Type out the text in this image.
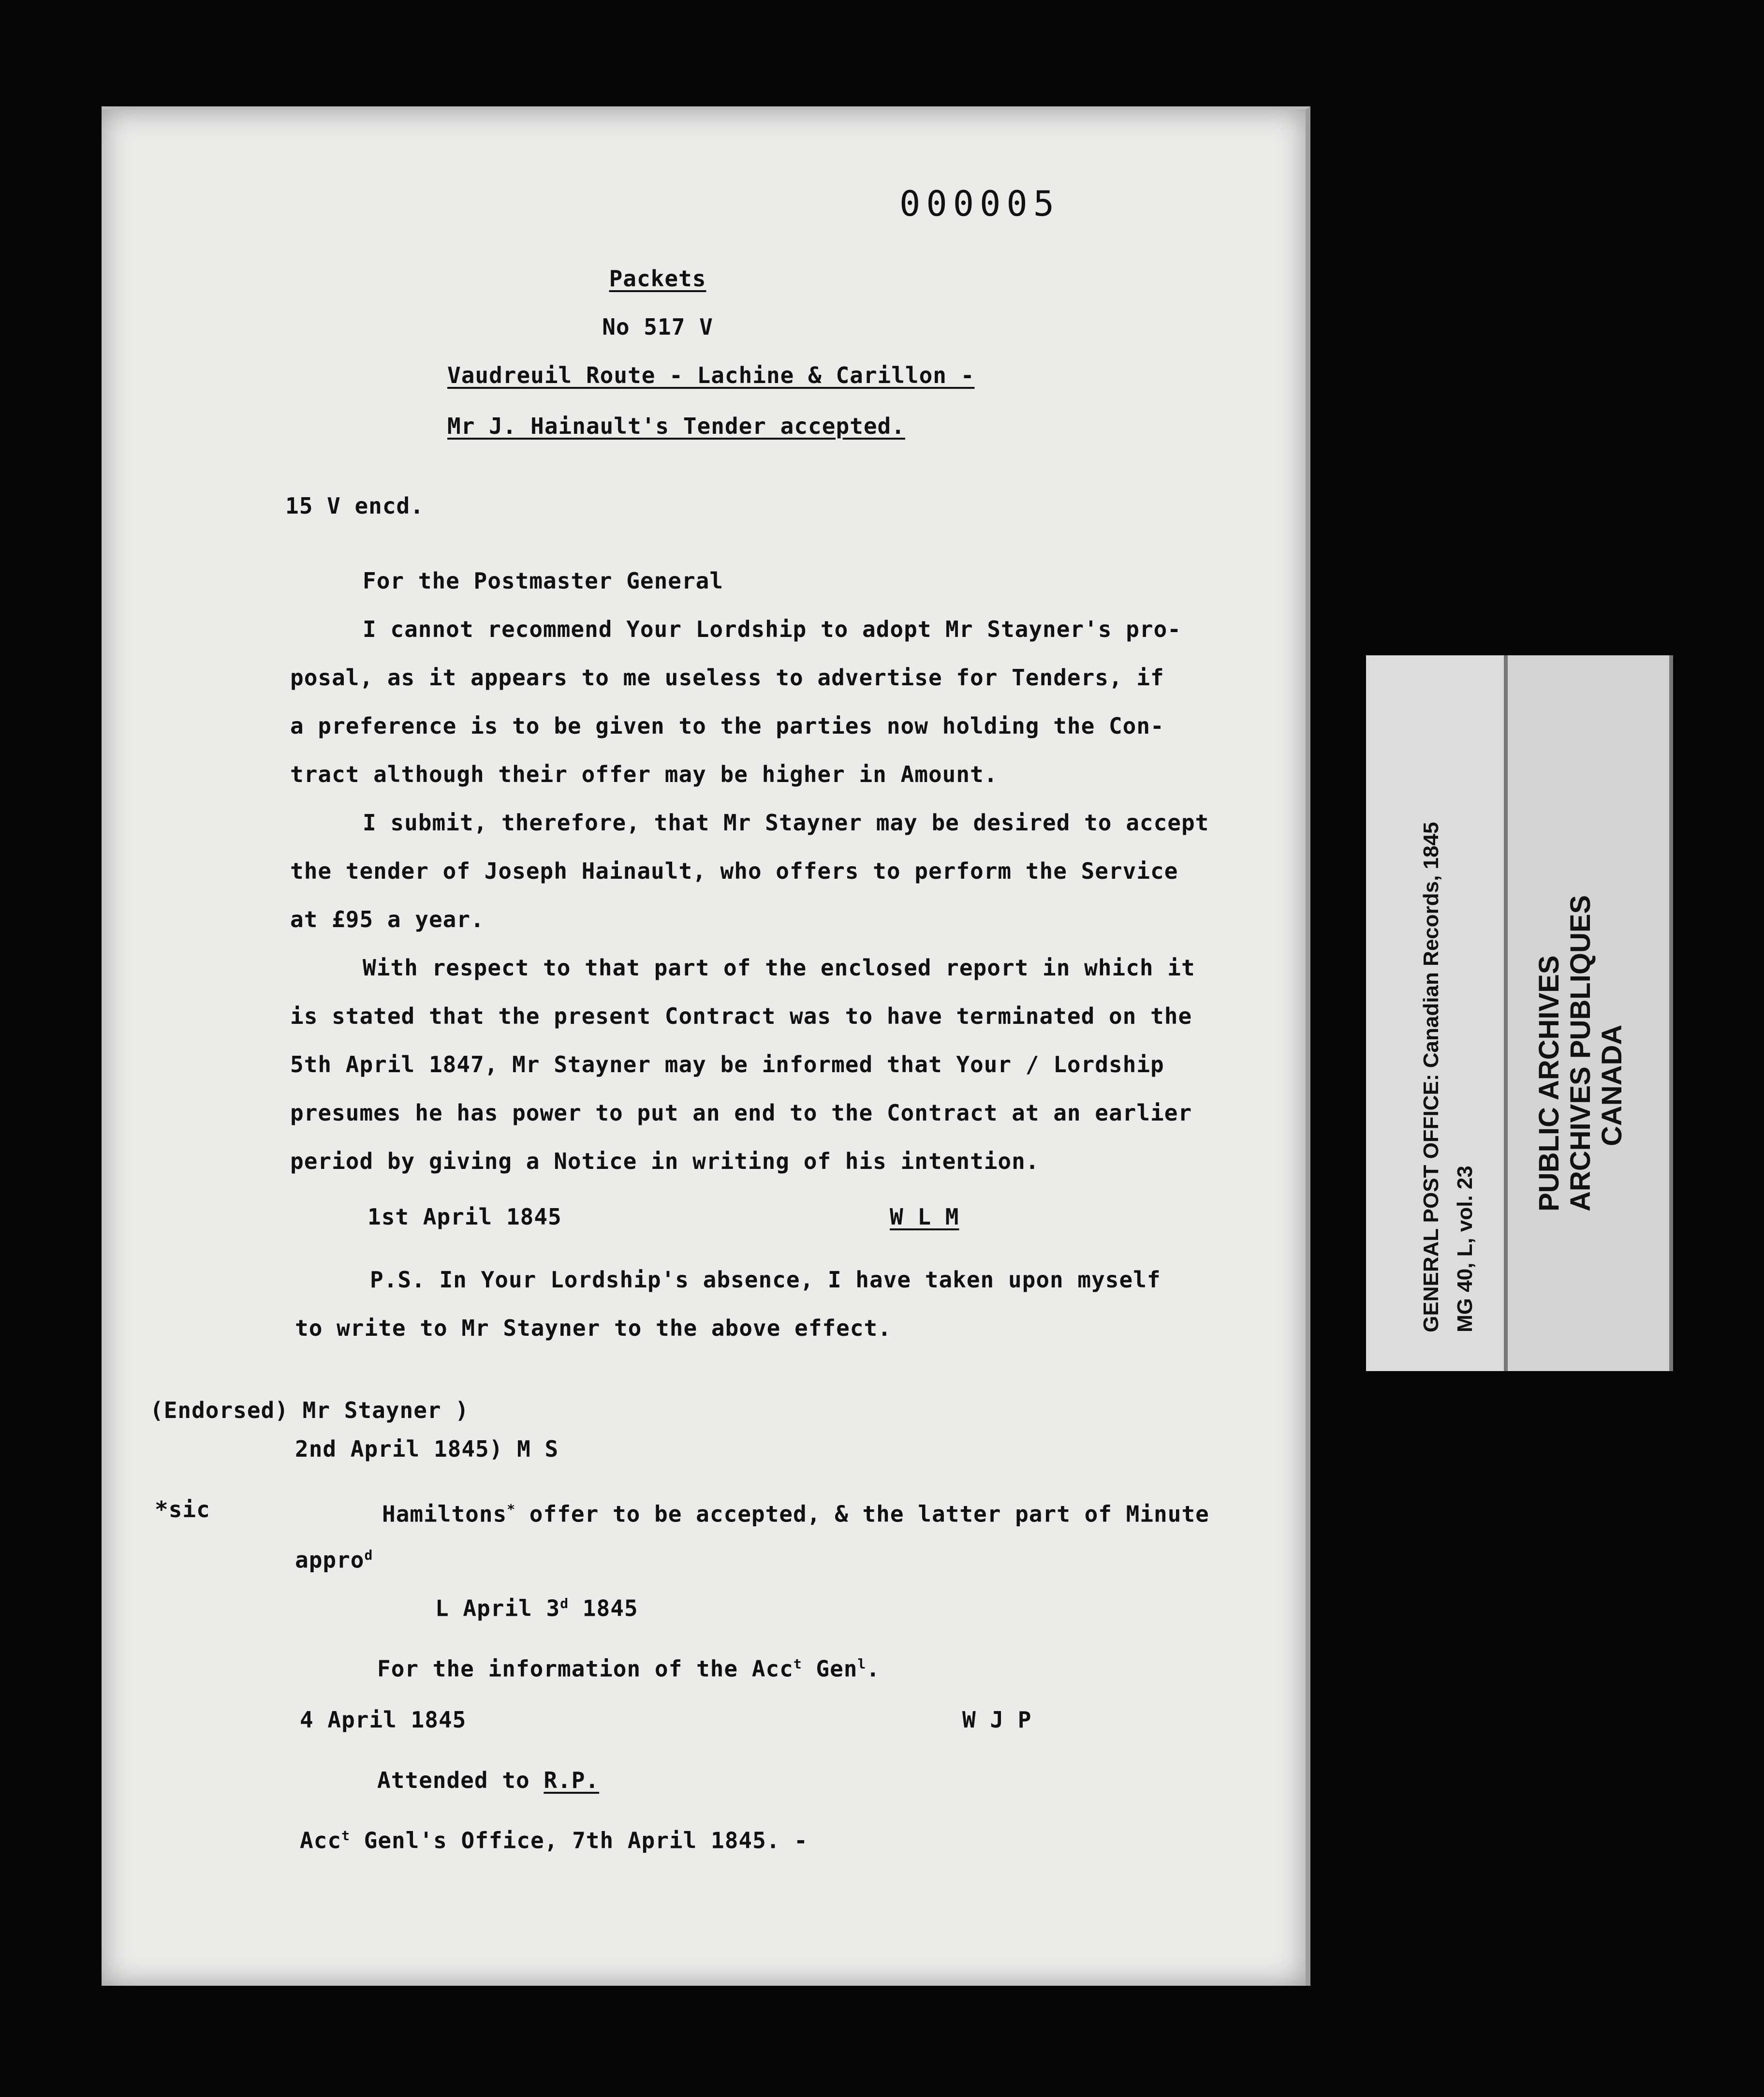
000005
Packets
No 517 V
Vaudreuil Route - Lachine & Carillon -
Mr J. Hainault's Tender accepted.
15 V encd.
For the Postmaster General
I cannot recommend Your Lordship to adopt Mr Stayner's pro-
posal, as it appears to me useless to advertise for Tenders, if
a preference is to be given to the parties now holding the Con-
tract although their offer may be higher in Amount.
I submit, therefore, that Mr Stayner may be desired to accept
the tender of Joseph Hainault, who offers to perform the Service
at £95 a year.
With respect to that part of the enclosed report in which it
is stated that the present Contract was to have terminated on the
5th April 1847, Mr Stayner may be informed that Your / Lordship
presumes he has power to put an end to the Contract at an earlier
period by giving a Notice in writing of his intention.
1st April 1845	W L M
P.S. In Your Lordship's absence, I have taken upon myself
to write to Mr Stayner to the above effect.
(Endorsed) Mr Stayner )
2nd April 1845) M S
*sic	Hamiltons* offer to be accepted, & the latter part of Minute
appro$^d$
L April 3$^d$ 1845
For the information of the Acc$^t$ Gen$^l$.
4 April 1845	W J P
Attended to R.P.
Acc$^t$ Genl's Office, 7th April 1845. -
GENERAL POST OFFICE: Canadian Records, 1845 MG 40, L, vol. 23
PUBLIC ARCHIVES ARCHIVES PUBLIQUES CANADA
